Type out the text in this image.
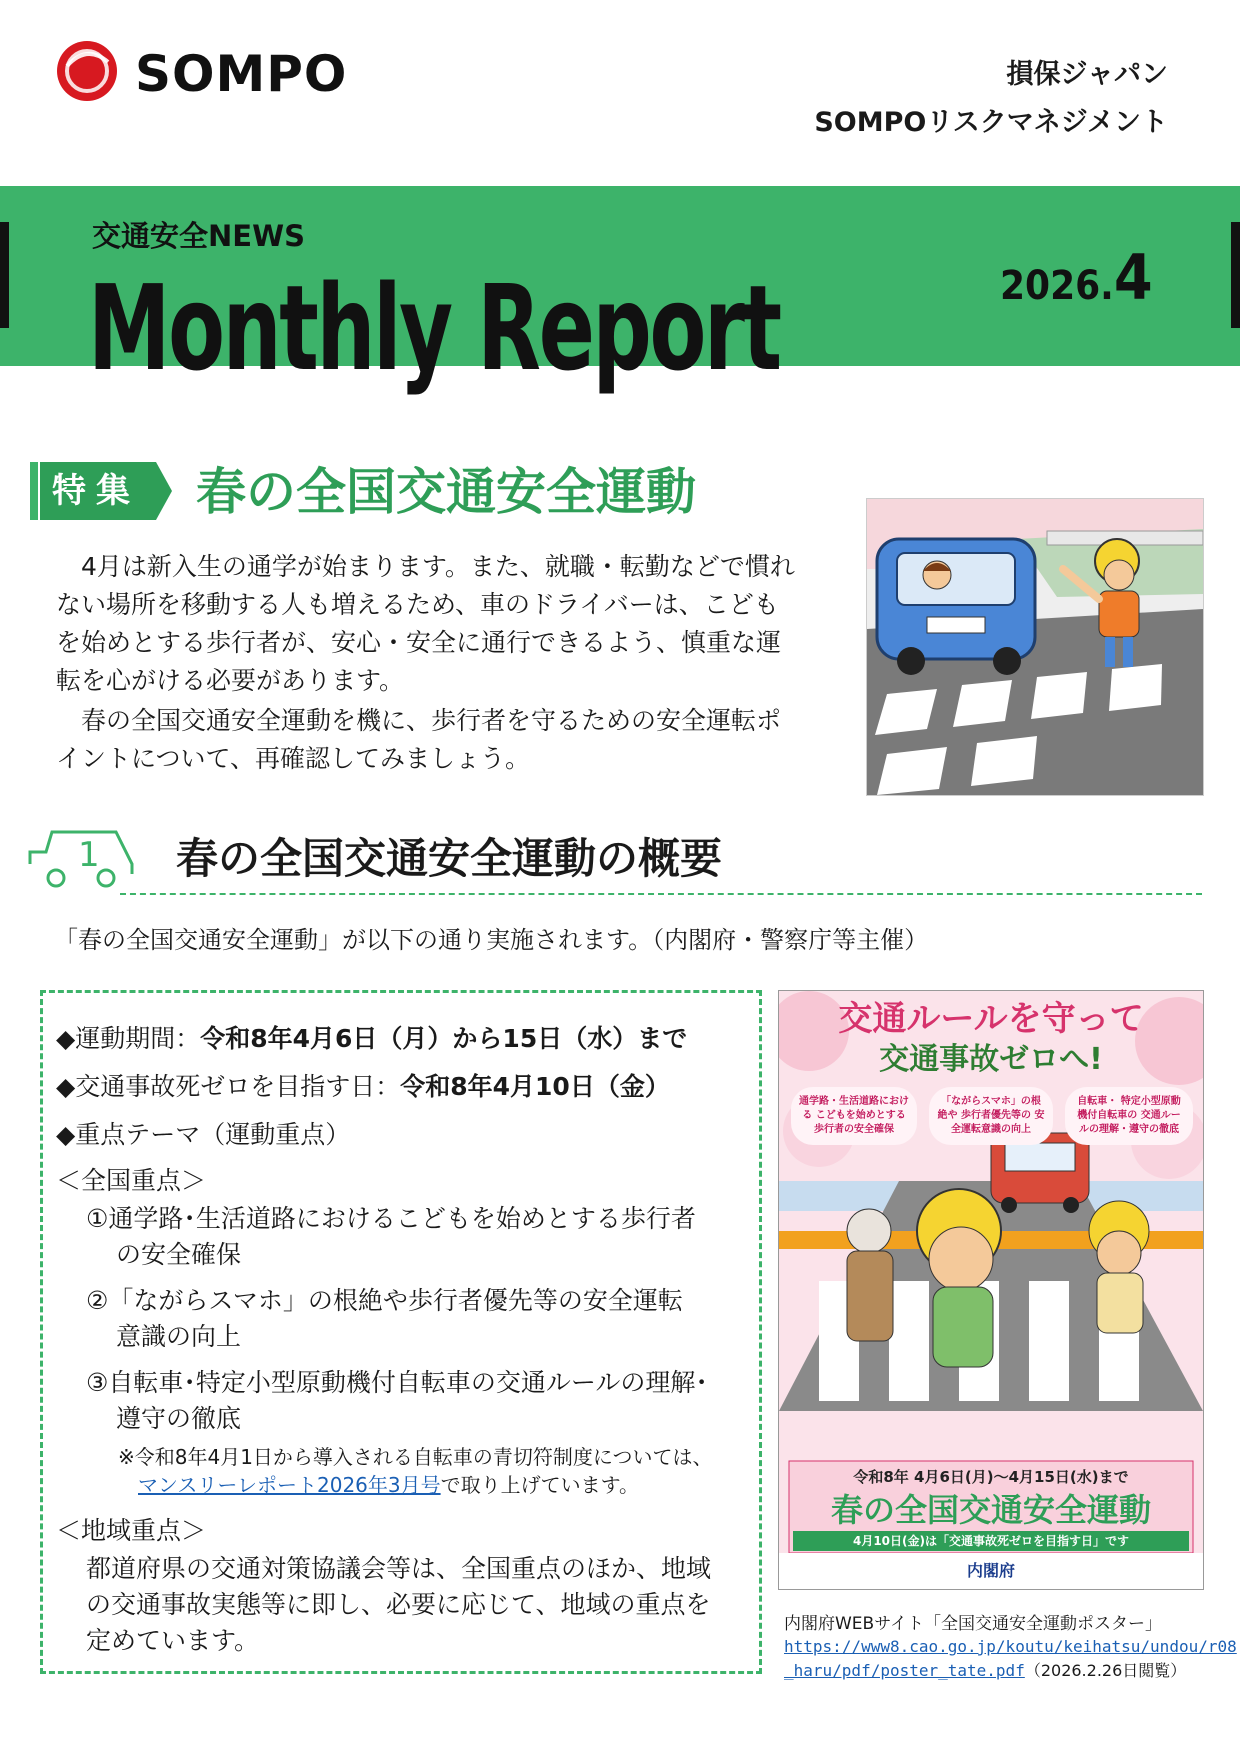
SOMPO	損保ジャパン
SOMPOリスクマネジメント
交通安全NEWS
Monthly Report	2026.4
特集 春の全国交通安全運動

4月は新入生の通学が始まります。また、就職・転勤などで慣れない場所を移動する人も増えるため、車のドライバーは、こどもを始めとする歩行者が、安心・安全に通行できるよう、慎重な運転を心がける必要があります。

春の全国交通安全運動を機に、歩行者を守るための安全運転ポイントについて、再確認してみましょう。

1 春の全国交通安全運動の概要
「春の全国交通安全運動」が以下の通り実施されます。（内閣府・警察庁等主催）
◆運動期間：令和8年4月6日（月）から15日（水）まで
◆交通事故死ゼロを目指す日：令和8年4月10日（金）
◆重点テーマ（運動重点）
＜全国重点＞
①通学路･生活道路におけるこどもを始めとする歩行者
の安全確保
②「ながらスマホ」の根絶や歩行者優先等の安全運転
意識の向上
③自転車･特定小型原動機付自転車の交通ルールの理解･
遵守の徹底
※令和8年4月1日から導入される自転車の青切符制度については、
マンスリーレポート2026年3月号で取り上げています。
＜地域重点＞
都道府県の交通対策協議会等は、全国重点のほか、地域
の交通事故実態等に即し、必要に応じて、地域の重点を
定めています。
交通ルールを守って
交通事故ゼロへ!
通学路・生活道路における こどもを始めとする 歩行者の安全確保
「ながらスマホ」の根絶や 歩行者優先等の 安全運転意識の向上
自転車・ 特定小型原動機付自転車の 交通ルールの理解・遵守の徹底
令和8年 4月6日(月)～4月15日(水)まで
春の全国交通安全運動
4月10日(金)は「交通事故死ゼロを目指す日」です
内閣府
内閣府WEBサイト「全国交通安全運動ポスター」
https://www8.cao.go.jp/koutu/keihatsu/undou/r08
_haru/pdf/poster_tate.pdf（2026.2.26日閲覧）
